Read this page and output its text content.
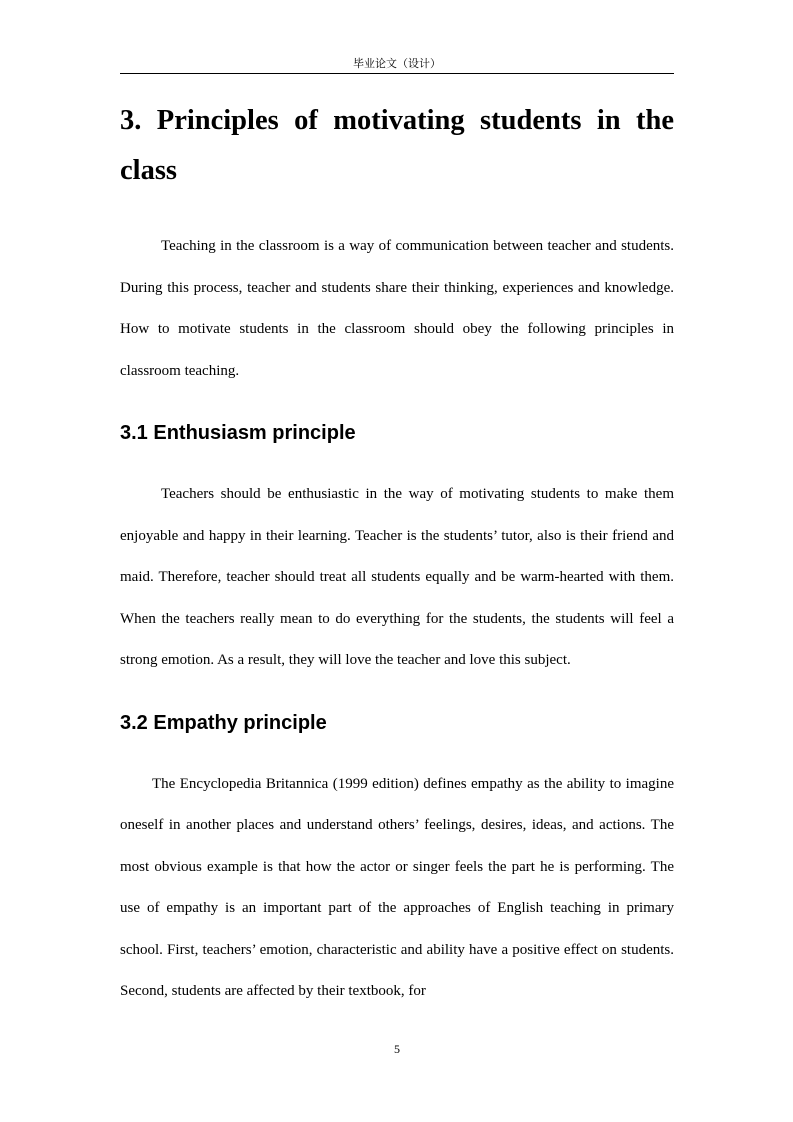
毕业论文（设计）
3. Principles of motivating students in the class

Teaching in the classroom is a way of communication between teacher and students. During this process, teacher and students share their thinking, experiences and knowledge. How to motivate students in the classroom should obey the following principles in classroom teaching.

3.1 Enthusiasm principle

Teachers should be enthusiastic in the way of motivating students to make them enjoyable and happy in their learning. Teacher is the students’ tutor, also is their friend and maid. Therefore, teacher should treat all students equally and be warm-hearted with them. When the teachers really mean to do everything for the students, the students will feel a strong emotion. As a result, they will love the teacher and love this subject.

3.2 Empathy principle

The Encyclopedia Britannica (1999 edition) defines empathy as the ability to imagine oneself in another places and understand others’ feelings, desires, ideas, and actions. The most obvious example is that how the actor or singer feels the part he is performing. The use of empathy is an important part of the approaches of English teaching in primary school. First, teachers’ emotion, characteristic and ability have a positive effect on students. Second, students are affected by their textbook, for

5
